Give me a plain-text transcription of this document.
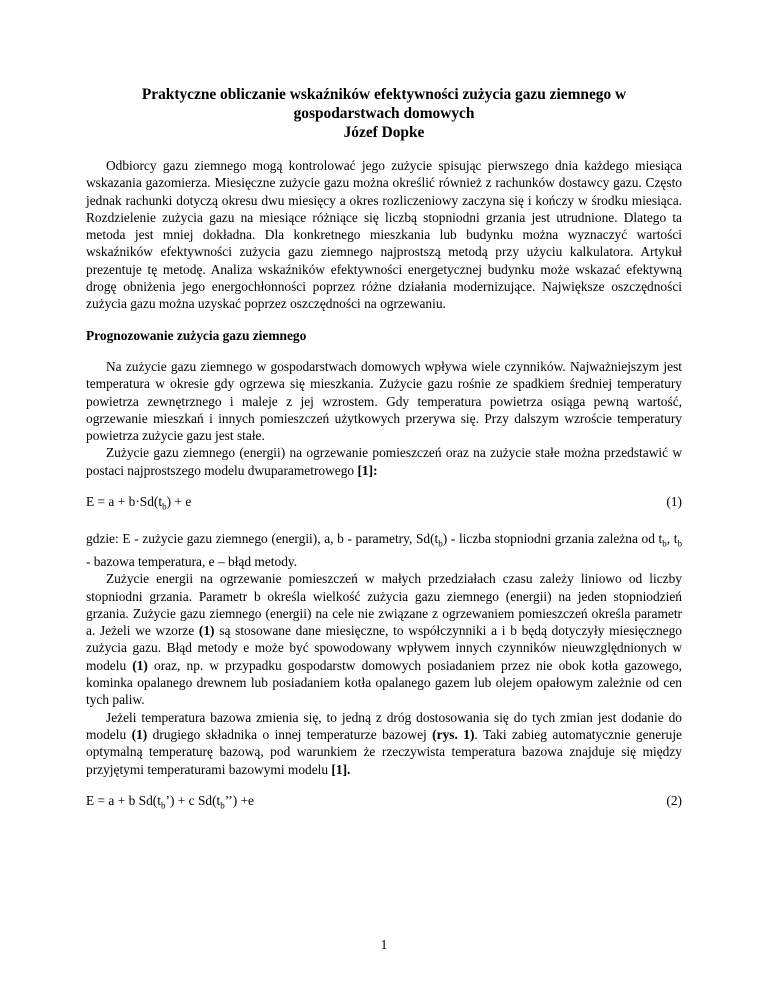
Praktyczne obliczanie wskaźników efektywności zużycia gazu ziemnego w
gospodarstwach domowych
Józef Dopke

Odbiorcy gazu ziemnego mogą kontrolować jego zużycie spisując pierwszego dnia każdego miesiąca wskazania gazomierza. Miesięczne zużycie gazu można określić również z rachunków dostawcy gazu. Często jednak rachunki dotyczą okresu dwu miesięcy a okres rozliczeniowy zaczyna się i kończy w środku miesiąca. Rozdzielenie zużycia gazu na miesiące różniące się liczbą stopniodni grzania jest utrudnione. Dlatego ta metoda jest mniej dokładna. Dla konkretnego mieszkania lub budynku można wyznaczyć wartości wskaźników efektywności zużycia gazu ziemnego najprostszą metodą przy użyciu kalkulatora. Artykuł prezentuje tę metodę. Analiza wskaźników efektywności energetycznej budynku może wskazać efektywną drogę obniżenia jego energochłonności poprzez różne działania modernizujące. Największe oszczędności zużycia gazu można uzyskać poprzez oszczędności na ogrzewaniu.

Prognozowanie zużycia gazu ziemnego

Na zużycie gazu ziemnego w gospodarstwach domowych wpływa wiele czynników. Najważniejszym jest temperatura w okresie gdy ogrzewa się mieszkania. Zużycie gazu rośnie ze spadkiem średniej temperatury powietrza zewnętrznego i maleje z jej wzrostem. Gdy temperatura powietrza osiąga pewną wartość, ogrzewanie mieszkań i innych pomieszczeń użytkowych przerywa się. Przy dalszym wzroście temperatury powietrza zużycie gazu jest stałe.

Zużycie gazu ziemnego (energii) na ogrzewanie pomieszczeń oraz na zużycie stałe można przedstawić w postaci najprostszego modelu dwuparametrowego [1]:

$E = a + b\cdot Sd(t_b) + e$	(1)

gdzie: E - zużycie gazu ziemnego (energii), a, b - parametry, $Sd(t_b)$ - liczba stopniodni grzania zależna od $t_b$, $t_b$ - bazowa temperatura, e – błąd metody.

Zużycie energii na ogrzewanie pomieszczeń w małych przedziałach czasu zależy liniowo od liczby stopniodni grzania. Parametr b określa wielkość zużycia gazu ziemnego (energii) na jeden stopniodzień grzania. Zużycie gazu ziemnego (energii) na cele nie związane z ogrzewaniem pomieszczeń określa parametr a. Jeżeli we wzorze (1) są stosowane dane miesięczne, to współczynniki a i b będą dotyczyły miesięcznego zużycia gazu. Błąd metody e może być spowodowany wpływem innych czynników nieuwzględnionych w modelu (1) oraz, np. w przypadku gospodarstw domowych posiadaniem przez nie obok kotła gazowego, kominka opalanego drewnem lub posiadaniem kotła opalanego gazem lub olejem opałowym zależnie od cen tych paliw.

Jeżeli temperatura bazowa zmienia się, to jedną z dróg dostosowania się do tych zmian jest dodanie do modelu (1) drugiego składnika o innej temperaturze bazowej (rys. 1). Taki zabieg automatycznie generuje optymalną temperaturę bazową, pod warunkiem że rzeczywista temperatura bazowa znajduje się między przyjętymi temperaturami bazowymi modelu [1].

E = a + b $Sd(t_b’) + c$ $Sd(t_b’’) +e$	(2)
1
